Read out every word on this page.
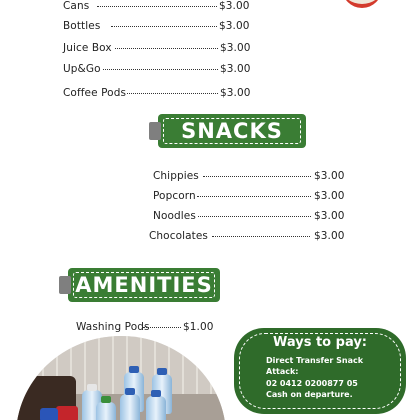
Cans	$3.00
Bottles	$3.00
Juice Box	$3.00
Up&Go	$3.00
Coffee Pods	$3.00
SNACKS
Chippies	$3.00
Popcorn	$3.00
Noodles	$3.00
Chocolates	$3.00
AMENITIES
Washing Pods	$1.00
Ways to pay:
Direct Transfer Snack
Attack:
02 0412 0200877 05
Cash on departure.
